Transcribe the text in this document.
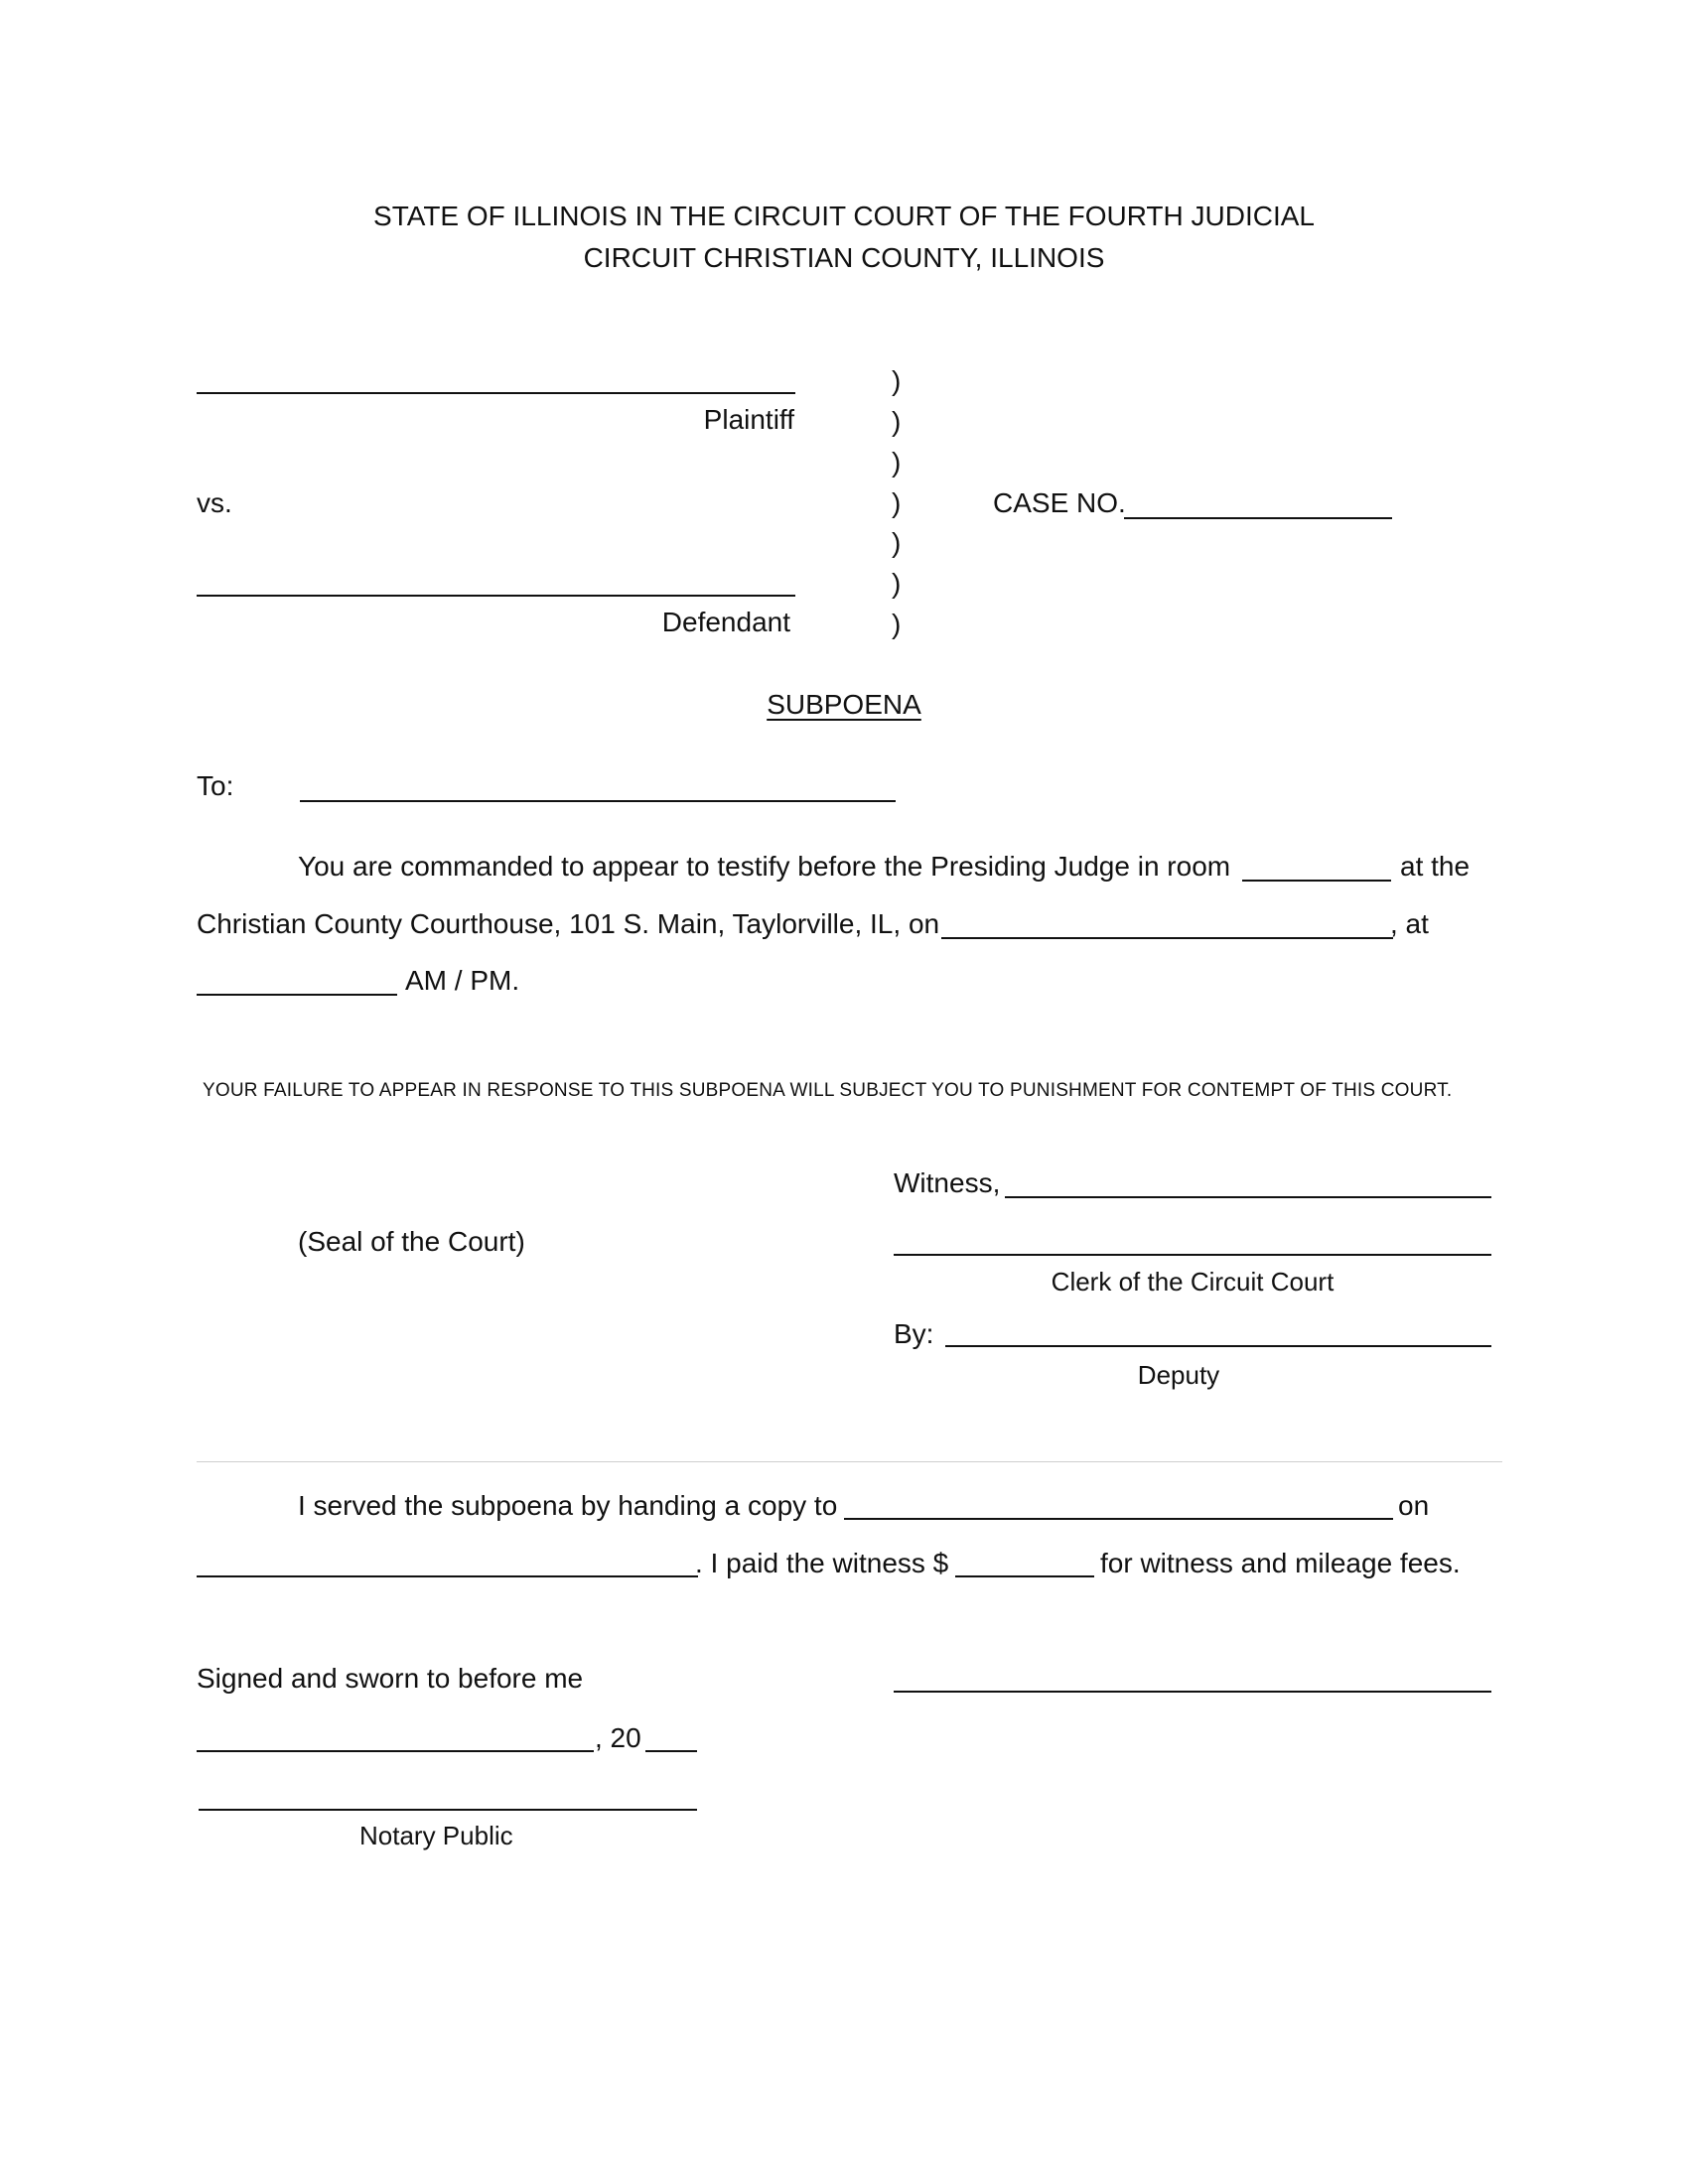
STATE OF ILLINOIS IN THE CIRCUIT COURT OF THE FOURTH JUDICIAL
CIRCUIT CHRISTIAN COUNTY, ILLINOIS
Plaintiff
vs.
Defendant
)
)
)
)
)
)
)
CASE NO.
SUBPOENA
To:
You are commanded to appear to testify before the Presiding Judge in room	at the
Christian County Courthouse, 101 S. Main, Taylorville, IL, on	, at
AM / PM.
YOUR FAILURE TO APPEAR IN RESPONSE TO THIS SUBPOENA WILL SUBJECT YOU TO PUNISHMENT FOR CONTEMPT OF THIS COURT.
(Seal of the Court)
Witness,
Clerk of the Circuit Court
By:
Deputy
I served the subpoena by handing a copy to	on
. I paid the witness $	for witness and mileage fees.
Signed and sworn to before me
, 20
Notary Public
